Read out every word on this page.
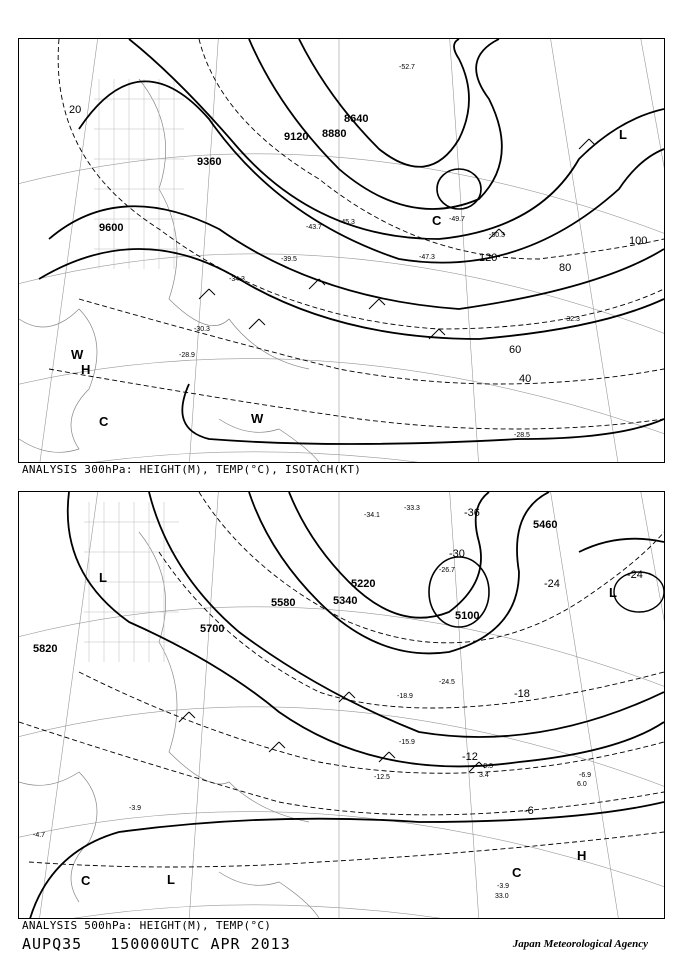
9600
9360
8880
8640
9120
20
40
60
80
100
120
-28.9
-30.3
-34.3
-39.5
-45.3
-47.3
-49.7
-50.3
-32.3
-28.5
-43.7
-52.7
H
L
C
W
C
W
ANALYSIS 300hPa: HEIGHT(M), TEMP(°C), ISOTACH(KT)
5820
5700
5580	5340
5100
5460
5220
-36
-30
-24
-18
-12
-6
-24
-15.9
-12.5
-9.5
-6.9
-3.9
-3.9
-4.7
-18.9
-24.5
-26.7
-34.1
-33.3
33.0
3.4
6.0
L
L
L
H
C
C
ANALYSIS 500hPa: HEIGHT(M), TEMP(°C)
AUPQ35 150000UTC APR 2013	Japan Meteorological Agency
